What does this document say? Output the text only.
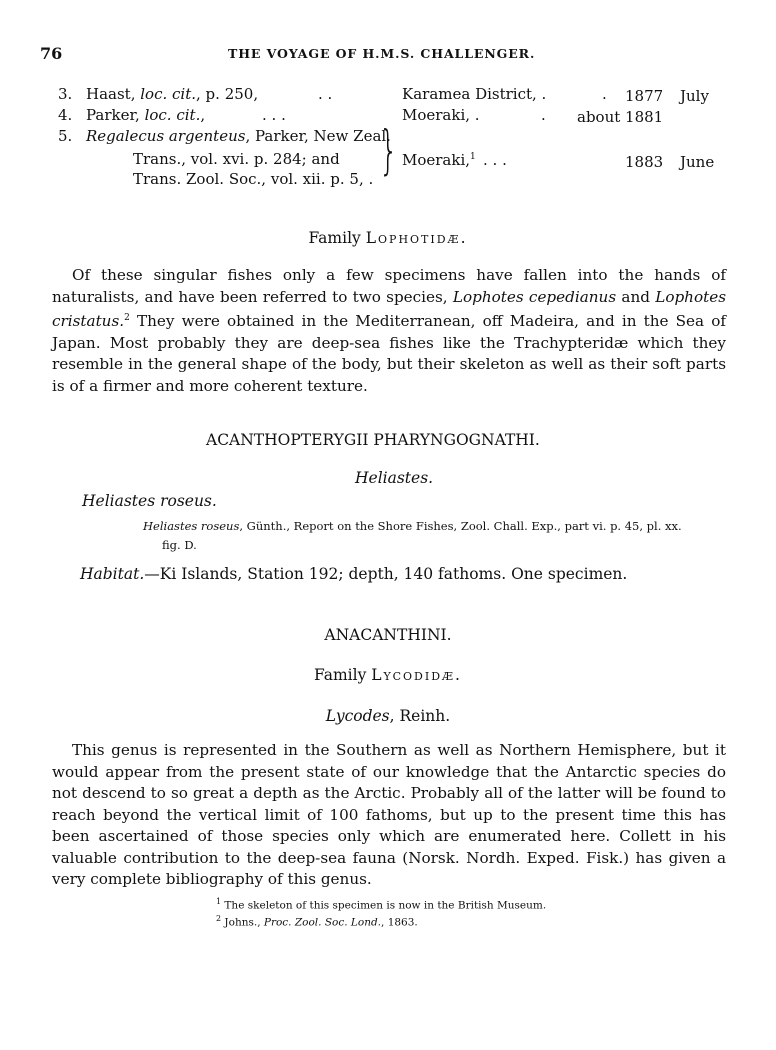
76	THE VOYAGE OF H.M.S. CHALLENGER.
3. Haast, loc. cit., p. 250,	. .	Karamea District, .	. 1877 July
4. Parker, loc. cit.,	. . .	Moeraki, .	. about 1881
5. Regalecus argenteus, Parker, New Zeal.
Trans., vol. xvi. p. 284; and
Trans. Zool. Soc., vol. xii. p. 5, . } Moeraki,$^1$ . . .	1883 June
Family Lophotidæ.

Of these singular fishes only a few specimens have fallen into the hands of naturalists, and have been referred to two species, Lophotes cepedianus and Lophotes cristatus.$^2$ They were obtained in the Mediterranean, off Madeira, and in the Sea of Japan. Most probably they are deep-sea fishes like the Trachypteridæ which they resemble in the general shape of the body, but their skeleton as well as their soft parts is of a firmer and more coherent texture.

ACANTHOPTERYGII PHARYNGOGNATHI.
Heliastes.
Heliastes roseus.
Heliastes roseus, Günth., Report on the Shore Fishes, Zool. Chall. Exp., part vi. p. 45, pl. xx.
fig. D.
Habitat.—Ki Islands, Station 192; depth, 140 fathoms. One specimen.
ANACANTHINI.
Family Lycodidæ.
Lycodes, Reinh.

This genus is represented in the Southern as well as Northern Hemisphere, but it would appear from the present state of our knowledge that the Antarctic species do not descend to so great a depth as the Arctic. Probably all of the latter will be found to reach beyond the vertical limit of 100 fathoms, but up to the present time this has been ascertained of those species only which are enumerated here. Collett in his valuable contribution to the deep-sea fauna (Norsk. Nordh. Exped. Fisk.) has given a very complete bibliography of this genus.

$^1$ The skeleton of this specimen is now in the British Museum.
$^2$ Johns., Proc. Zool. Soc. Lond., 1863.
